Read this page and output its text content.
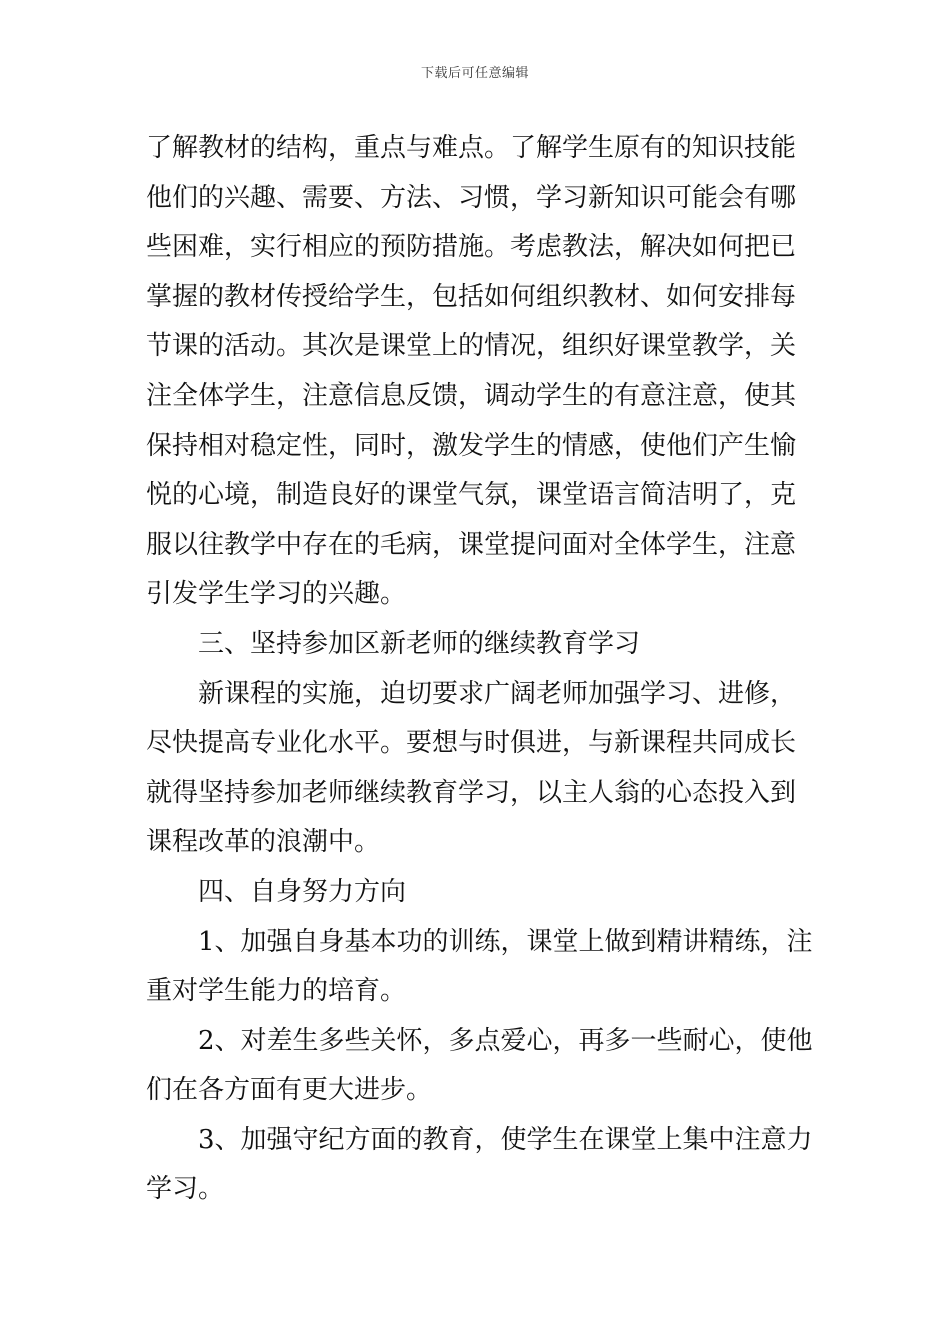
下载后可任意编辑
了解教材的结构，重点与难点。了解学生原有的知识技能
他们的兴趣、需要、方法、习惯，学习新知识可能会有哪
些困难，实行相应的预防措施。考虑教法，解决如何把已
掌握的教材传授给学生，包括如何组织教材、如何安排每
节课的活动。其次是课堂上的情况，组织好课堂教学，关
注全体学生，注意信息反馈，调动学生的有意注意，使其
保持相对稳定性，同时，激发学生的情感，使他们产生愉
悦的心境，制造良好的课堂气氛，课堂语言简洁明了，克
服以往教学中存在的毛病，课堂提问面对全体学生，注意
引发学生学习的兴趣。
三、坚持参加区新老师的继续教育学习
新课程的实施，迫切要求广阔老师加强学习、进修，
尽快提高专业化水平。要想与时俱进，与新课程共同成长
就得坚持参加老师继续教育学习，以主人翁的心态投入到
课程改革的浪潮中。
四、自身努力方向
1、加强自身基本功的训练，课堂上做到精讲精练，注
重对学生能力的培育。
2、对差生多些关怀，多点爱心，再多一些耐心，使他
们在各方面有更大进步。
3、加强守纪方面的教育，使学生在课堂上集中注意力
学习。
